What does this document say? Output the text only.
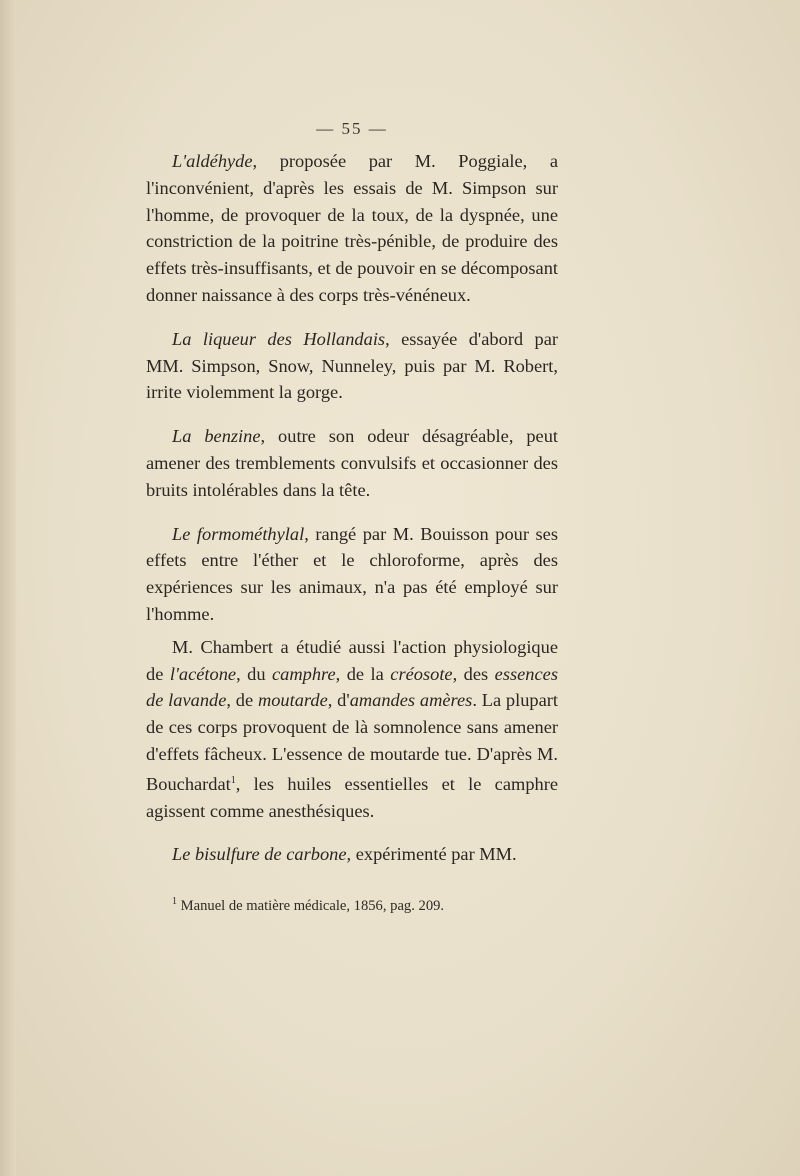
— 55 —

L'aldéhyde, proposée par M. Poggiale, a l'inconvénient, d'après les essais de M. Simpson sur l'homme, de provoquer de la toux, de la dyspnée, une constriction de la poitrine très-pénible, de produire des effets très-insuffisants, et de pouvoir en se décomposant donner naissance à des corps très-vénéneux.

La liqueur des Hollandais, essayée d'abord par MM. Simpson, Snow, Nunneley, puis par M. Robert, irrite violemment la gorge.

La benzine, outre son odeur désagréable, peut amener des tremblements convulsifs et occasionner des bruits intolérables dans la tête.

Le formométhylal, rangé par M. Bouisson pour ses effets entre l'éther et le chloroforme, après des expériences sur les animaux, n'a pas été employé sur l'homme.

M. Chambert a étudié aussi l'action physiologique de l'acétone, du camphre, de la créosote, des essences de lavande, de moutarde, d'amandes amères. La plupart de ces corps provoquent de là somnolence sans amener d'effets fâcheux. L'essence de moutarde tue. D'après M. Bouchardat$^1$, les huiles essentielles et le camphre agissent comme anesthésiques.

Le bisulfure de carbone, expérimenté par MM.

$^1$ Manuel de matière médicale, 1856, pag. 209.
